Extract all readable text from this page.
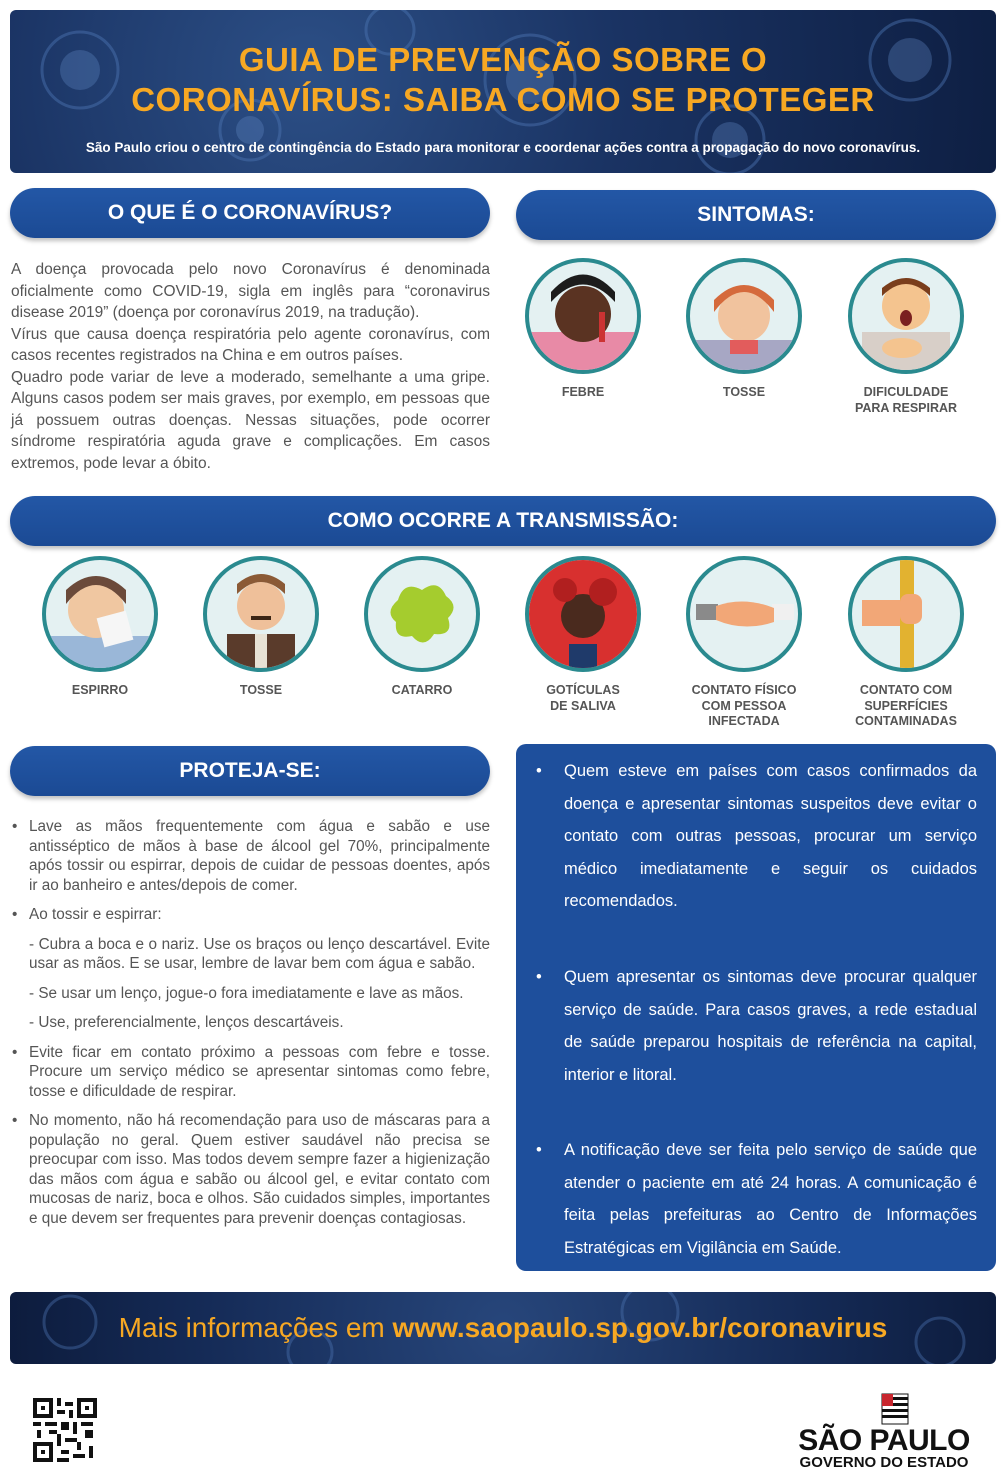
GUIA DE PREVENÇÃO SOBRE O
CORONAVÍRUS: SAIBA COMO SE PROTEGER
São Paulo criou o centro de contingência do Estado para monitorar e coordenar ações contra a propagação do novo coronavírus.
O QUE É O CORONAVÍRUS?

A doença provocada pelo novo Coronavírus é denominada oficialmente como COVID-19, sigla em inglês para “coronavirus disease 2019” (doença por coronavírus 2019, na tradução).

Vírus que causa doença respiratória pelo agente coronavírus, com casos recentes registrados na China e em outros países.

Quadro pode variar de leve a moderado, semelhante a uma gripe. Alguns casos podem ser mais graves, por exemplo, em pessoas que já possuem outras doenças. Nessas situações, pode ocorrer síndrome respiratória aguda grave e complicações. Em casos extremos, pode levar a óbito.

SINTOMAS:
FEBRE	TOSSE	DIFICULDADE
PARA RESPIRAR
COMO OCORRE A TRANSMISSÃO:
ESPIRRO	TOSSE	CATARRO	GOTÍCULAS
DE SALIVA
CONTATO FÍSICO
COM PESSOA
INFECTADA
CONTATO COM
SUPERFÍCIES
CONTAMINADAS
PROTEJA-SE:
• Lave as mãos frequentemente com água e sabão e use antisséptico de mãos à base de álcool gel 70%, principalmente após tossir ou espirrar, depois de cuidar de pessoas doentes, após ir ao banheiro e antes/depois de comer.
• Ao tossir e espirrar:
- Cubra a boca e o nariz. Use os braços ou lenço descartável. Evite usar as mãos. E se usar, lembre de lavar bem com água e sabão.
- Se usar um lenço, jogue-o fora imediatamente e lave as mãos.
- Use, preferencialmente, lenços descartáveis.
• Evite ficar em contato próximo a pessoas com febre e tosse. Procure um serviço médico se apresentar sintomas como febre, tosse e dificuldade de respirar.
• No momento, não há recomendação para uso de máscaras para a população no geral. Quem estiver saudável não precisa se preocupar com isso. Mas todos devem sempre fazer a higienização das mãos com água e sabão ou álcool gel, e evitar contato com mucosas de nariz, boca e olhos. São cuidados simples, importantes e que devem ser frequentes para prevenir doenças contagiosas.
• Quem esteve em países com casos confirmados da doença e apresentar sintomas suspeitos deve evitar o contato com outras pessoas, procurar um serviço médico imediatamente e seguir os cuidados recomendados.
• Quem apresentar os sintomas deve procurar qualquer serviço de saúde. Para casos graves, a rede estadual de saúde preparou hospitais de referência na capital, interior e litoral.
• A notificação deve ser feita pelo serviço de saúde que atender o paciente em até 24 horas. A comunicação é feita pelas prefeituras ao Centro de Informações Estratégicas em Vigilância em Saúde.
Mais informações em www.saopaulo.sp.gov.br/coronavirus
SÃO PAULO
GOVERNO DO ESTADO
